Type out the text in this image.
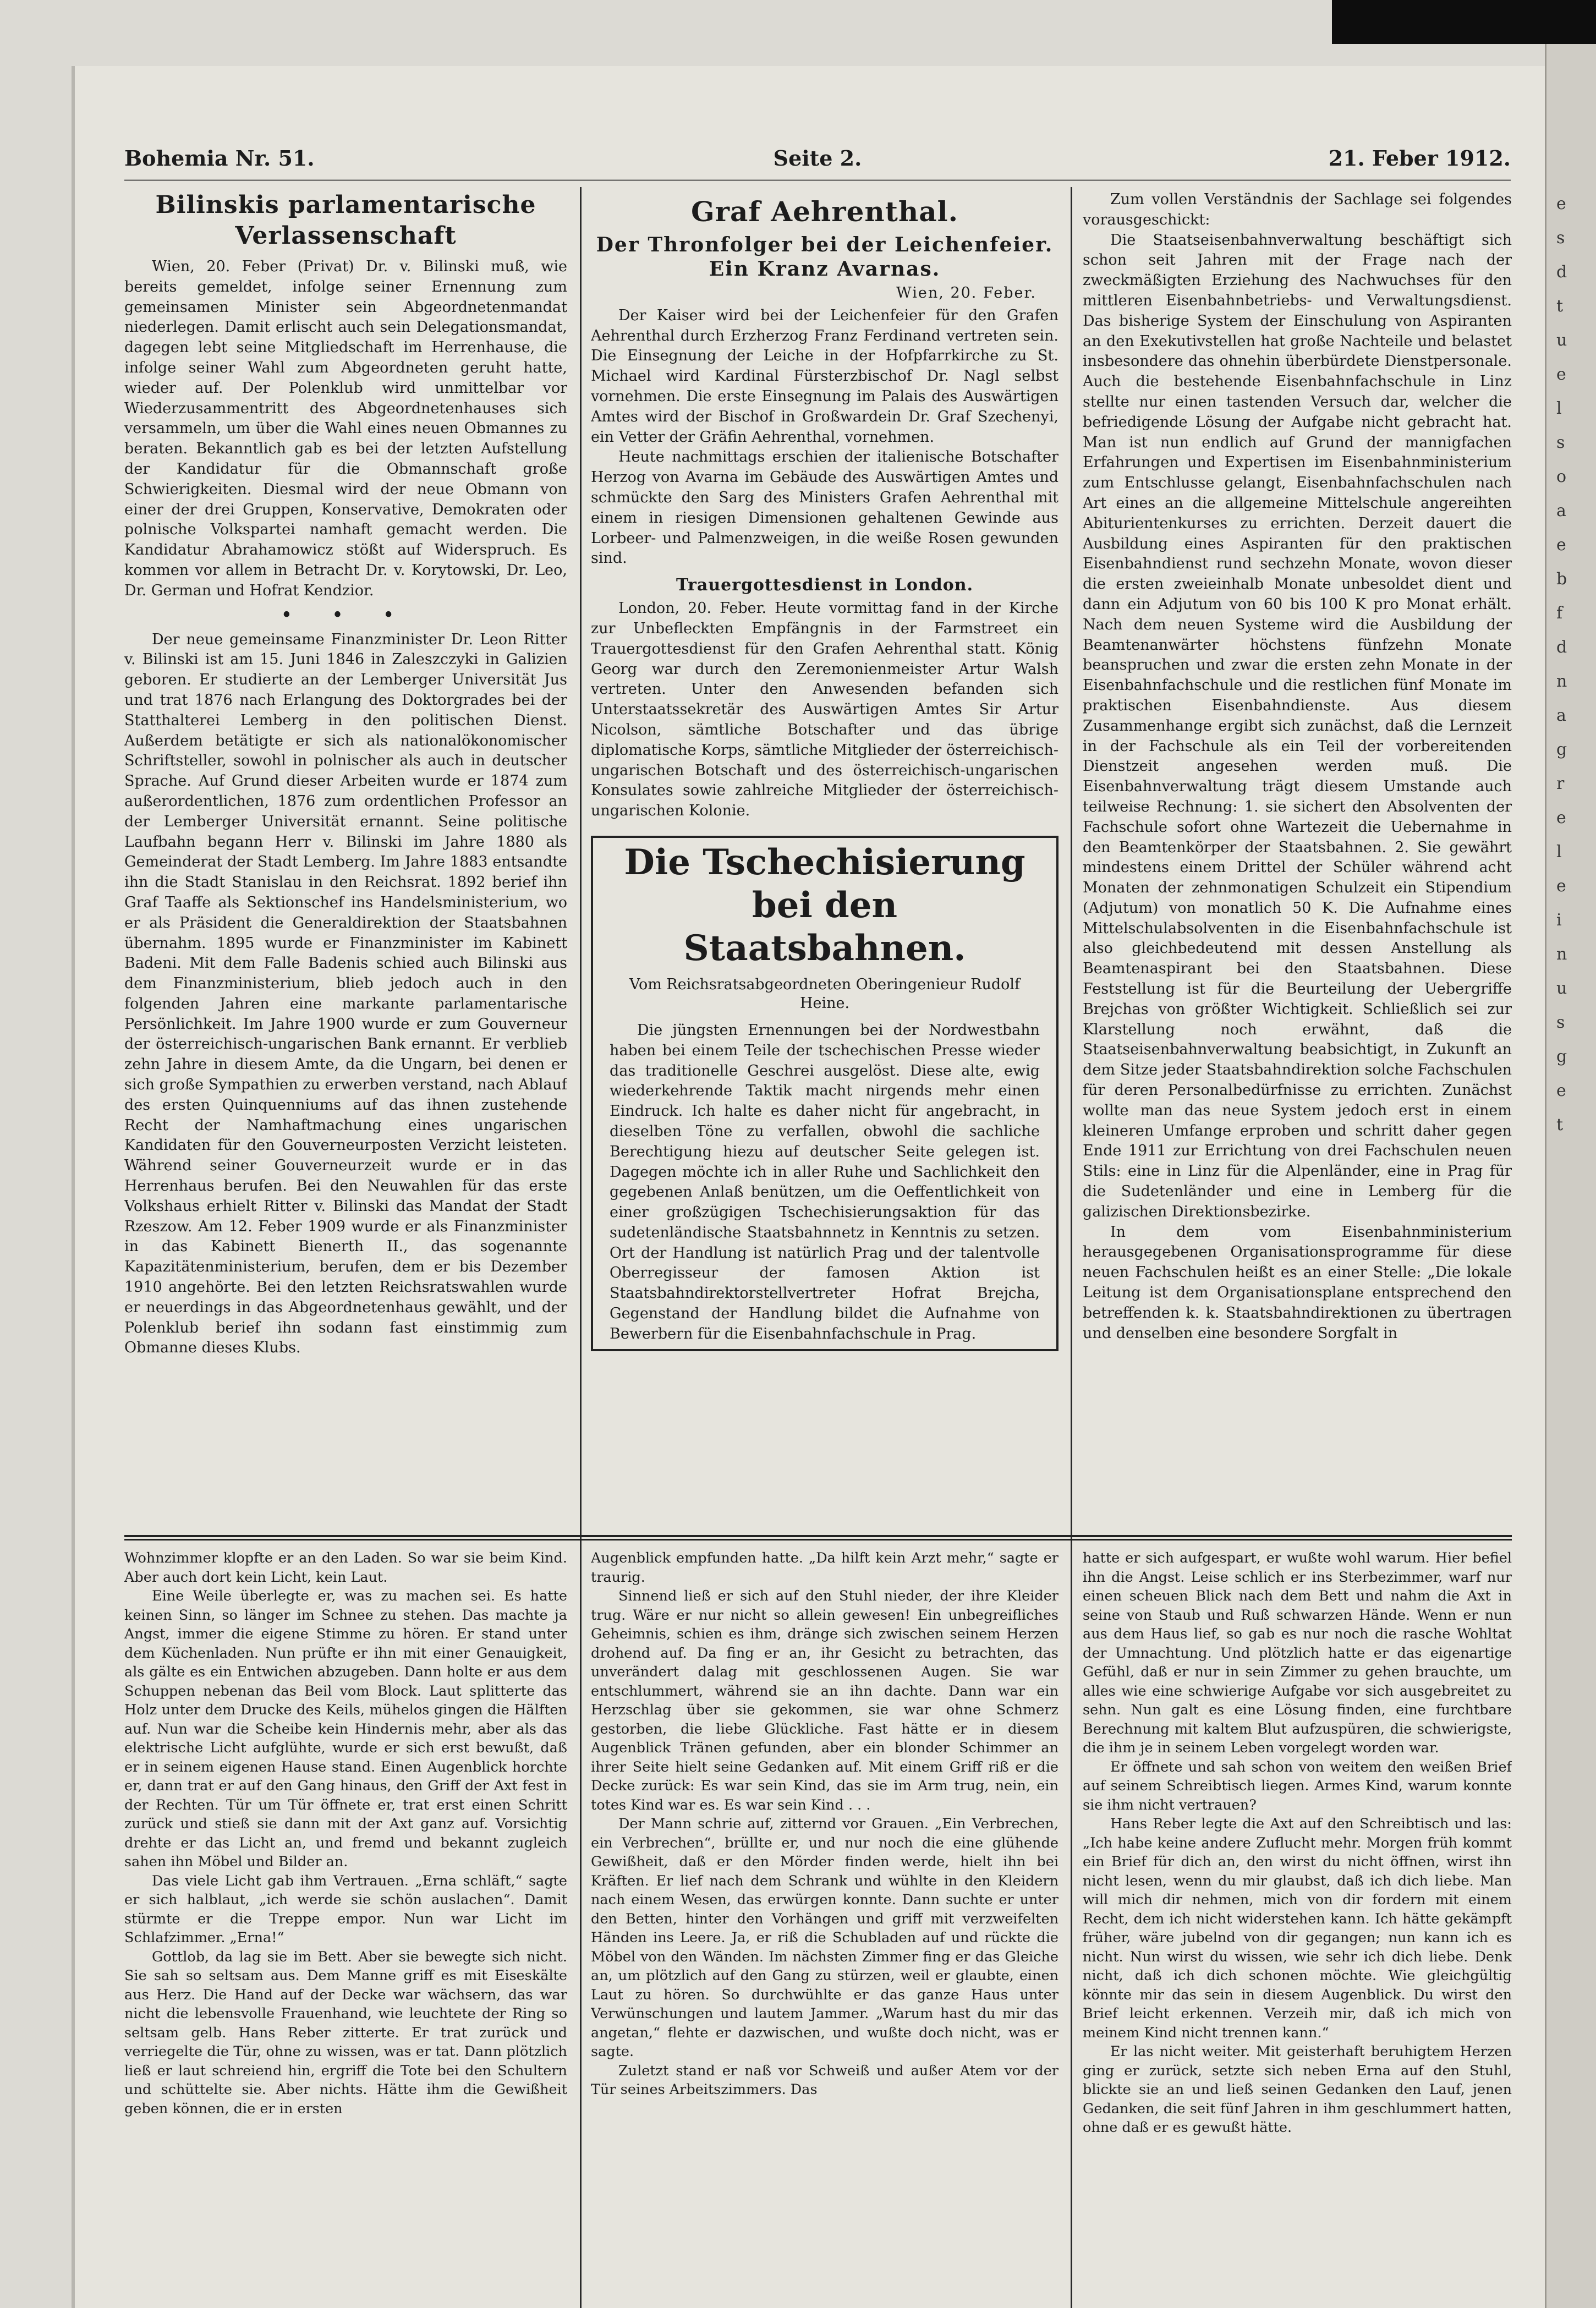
Bohemia Nr. 51.	Seite 2.	21. Feber 1912.
Bilinskis parlamentarische Verlassenschaft

Wien, 20. Feber (Privat) Dr. v. Bilinski muß, wie bereits gemeldet, infolge seiner Ernennung zum gemeinsamen Minister sein Abgeordnetenmandat niederlegen. Damit erlischt auch sein Delegationsmandat, dagegen lebt seine Mitgliedschaft im Herrenhause, die infolge seiner Wahl zum Abgeordneten geruht hatte, wieder auf. Der Polenklub wird unmittelbar vor Wiederzusammentritt des Abgeordnetenhauses sich versammeln, um über die Wahl eines neuen Obmannes zu beraten. Bekanntlich gab es bei der letzten Aufstellung der Kandidatur für die Obmannschaft große Schwierigkeiten. Diesmal wird der neue Obmann von einer der drei Gruppen, Konservative, Demokraten oder polnische Volkspartei namhaft gemacht werden. Die Kandidatur Abrahamowicz stößt auf Widerspruch. Es kommen vor allem in Betracht Dr. v. Korytowski, Dr. Leo, Dr. German und Hofrat Kendzior.

• • •

Der neue gemeinsame Finanzminister Dr. Leon Ritter v. Bilinski ist am 15. Juni 1846 in Zaleszczyki in Galizien geboren. Er studierte an der Lemberger Universität Jus und trat 1876 nach Erlangung des Doktorgrades bei der Statthalterei Lemberg in den politischen Dienst. Außerdem betätigte er sich als nationalökonomischer Schriftsteller, sowohl in polnischer als auch in deutscher Sprache. Auf Grund dieser Arbeiten wurde er 1874 zum außerordentlichen, 1876 zum ordentlichen Professor an der Lemberger Universität ernannt. Seine politische Laufbahn begann Herr v. Bilinski im Jahre 1880 als Gemeinderat der Stadt Lemberg. Im Jahre 1883 entsandte ihn die Stadt Stanislau in den Reichsrat. 1892 berief ihn Graf Taaffe als Sektionschef ins Handelsministerium, wo er als Präsident die Generaldirektion der Staatsbahnen übernahm. 1895 wurde er Finanzminister im Kabinett Badeni. Mit dem Falle Badenis schied auch Bilinski aus dem Finanzministerium, blieb jedoch auch in den folgenden Jahren eine markante parlamentarische Persönlichkeit. Im Jahre 1900 wurde er zum Gouverneur der österreichisch-ungarischen Bank ernannt. Er verblieb zehn Jahre in diesem Amte, da die Ungarn, bei denen er sich große Sympathien zu erwerben verstand, nach Ablauf des ersten Quinquenniums auf das ihnen zustehende Recht der Namhaftmachung eines ungarischen Kandidaten für den Gouverneurposten Verzicht leisteten. Während seiner Gouverneurzeit wurde er in das Herrenhaus berufen. Bei den Neuwahlen für das erste Volkshaus erhielt Ritter v. Bilinski das Mandat der Stadt Rzeszow. Am 12. Feber 1909 wurde er als Finanzminister in das Kabinett Bienerth II., das sogenannte Kapazitätenministerium, berufen, dem er bis Dezember 1910 angehörte. Bei den letzten Reichsratswahlen wurde er neuerdings in das Abgeordnetenhaus gewählt, und der Polenklub berief ihn sodann fast einstimmig zum Obmanne dieses Klubs.

Graf Aehrenthal.
Der Thronfolger bei der Leichenfeier. Ein Kranz Avarnas.
Wien, 20. Feber.

Der Kaiser wird bei der Leichenfeier für den Grafen Aehrenthal durch Erzherzog Franz Ferdinand vertreten sein. Die Einsegnung der Leiche in der Hofpfarrkirche zu St. Michael wird Kardinal Fürsterzbischof Dr. Nagl selbst vornehmen. Die erste Einsegnung im Palais des Auswärtigen Amtes wird der Bischof in Großwardein Dr. Graf Szechenyi, ein Vetter der Gräfin Aehrenthal, vornehmen.

Heute nachmittags erschien der italienische Botschafter Herzog von Avarna im Gebäude des Auswärtigen Amtes und schmückte den Sarg des Ministers Grafen Aehrenthal mit einem in riesigen Dimensionen gehaltenen Gewinde aus Lorbeer- und Palmenzweigen, in die weiße Rosen gewunden sind.

Trauergottesdienst in London.

London, 20. Feber. Heute vormittag fand in der Kirche zur Unbefleckten Empfängnis in der Farmstreet ein Trauergottesdienst für den Grafen Aehrenthal statt. König Georg war durch den Zeremonienmeister Artur Walsh vertreten. Unter den Anwesenden befanden sich Unterstaatssekretär des Auswärtigen Amtes Sir Artur Nicolson, sämtliche Botschafter und das übrige diplomatische Korps, sämtliche Mitglieder der österreichisch-ungarischen Botschaft und des österreichisch-ungarischen Konsulates sowie zahlreiche Mitglieder der österreichisch-ungarischen Kolonie.

Die Tschechisierung bei den Staatsbahnen.
Vom Reichsratsabgeordneten Oberingenieur Rudolf Heine.

Die jüngsten Ernennungen bei der Nordwestbahn haben bei einem Teile der tschechischen Presse wieder das traditionelle Geschrei ausgelöst. Diese alte, ewig wiederkehrende Taktik macht nirgends mehr einen Eindruck. Ich halte es daher nicht für angebracht, in dieselben Töne zu verfallen, obwohl die sachliche Berechtigung hiezu auf deutscher Seite gelegen ist. Dagegen möchte ich in aller Ruhe und Sachlichkeit den gegebenen Anlaß benützen, um die Oeffentlichkeit von einer großzügigen Tschechisierungsaktion für das sudetenländische Staatsbahnnetz in Kenntnis zu setzen. Ort der Handlung ist natürlich Prag und der talentvolle Oberregisseur der famosen Aktion ist Staatsbahndirektorstellvertreter Hofrat Brejcha, Gegenstand der Handlung bildet die Aufnahme von Bewerbern für die Eisenbahnfachschule in Prag.

Zum vollen Verständnis der Sachlage sei folgendes vorausgeschickt:

Die Staatseisenbahnverwaltung beschäftigt sich schon seit Jahren mit der Frage nach der zweckmäßigten Erziehung des Nachwuchses für den mittleren Eisenbahnbetriebs- und Verwaltungsdienst. Das bisherige System der Einschulung von Aspiranten an den Exekutivstellen hat große Nachteile und belastet insbesondere das ohnehin überbürdete Dienstpersonale. Auch die bestehende Eisenbahnfachschule in Linz stellte nur einen tastenden Versuch dar, welcher die befriedigende Lösung der Aufgabe nicht gebracht hat. Man ist nun endlich auf Grund der mannigfachen Erfahrungen und Expertisen im Eisenbahnministerium zum Entschlusse gelangt, Eisenbahnfachschulen nach Art eines an die allgemeine Mittelschule angereihten Abiturientenkurses zu errichten. Derzeit dauert die Ausbildung eines Aspiranten für den praktischen Eisenbahndienst rund sechzehn Monate, wovon dieser die ersten zweieinhalb Monate unbesoldet dient und dann ein Adjutum von 60 bis 100 K pro Monat erhält. Nach dem neuen Systeme wird die Ausbildung der Beamtenanwärter höchstens fünfzehn Monate beanspruchen und zwar die ersten zehn Monate in der Eisenbahnfachschule und die restlichen fünf Monate im praktischen Eisenbahndienste. Aus diesem Zusammenhange ergibt sich zunächst, daß die Lernzeit in der Fachschule als ein Teil der vorbereitenden Dienstzeit angesehen werden muß. Die Eisenbahnverwaltung trägt diesem Umstande auch teilweise Rechnung: 1. sie sichert den Absolventen der Fachschule sofort ohne Wartezeit die Uebernahme in den Beamtenkörper der Staatsbahnen. 2. Sie gewährt mindestens einem Drittel der Schüler während acht Monaten der zehnmonatigen Schulzeit ein Stipendium (Adjutum) von monatlich 50 K. Die Aufnahme eines Mittelschulabsolventen in die Eisenbahnfachschule ist also gleichbedeutend mit dessen Anstellung als Beamtenaspirant bei den Staatsbahnen. Diese Feststellung ist für die Beurteilung der Uebergriffe Brejchas von größter Wichtigkeit. Schließlich sei zur Klarstellung noch erwähnt, daß die Staatseisenbahnverwaltung beabsichtigt, in Zukunft an dem Sitze jeder Staatsbahndirektion solche Fachschulen für deren Personalbedürfnisse zu errichten. Zunächst wollte man das neue System jedoch erst in einem kleineren Umfange erproben und schritt daher gegen Ende 1911 zur Errichtung von drei Fachschulen neuen Stils: eine in Linz für die Alpenländer, eine in Prag für die Sudetenländer und eine in Lemberg für die galizischen Direktionsbezirke.

In dem vom Eisenbahnministerium herausgegebenen Organisationsprogramme für diese neuen Fachschulen heißt es an einer Stelle: „Die lokale Leitung ist dem Organisationsplane entsprechend den betreffenden k. k. Staatsbahndirektionen zu übertragen und denselben eine besondere Sorgfalt in

Wohnzimmer klopfte er an den Laden. So war sie beim Kind. Aber auch dort kein Licht, kein Laut.

Eine Weile überlegte er, was zu machen sei. Es hatte keinen Sinn, so länger im Schnee zu stehen. Das machte ja Angst, immer die eigene Stimme zu hören. Er stand unter dem Küchenladen. Nun prüfte er ihn mit einer Genauigkeit, als gälte es ein Entwichen abzugeben. Dann holte er aus dem Schuppen nebenan das Beil vom Block. Laut splitterte das Holz unter dem Drucke des Keils, mühelos gingen die Hälften auf. Nun war die Scheibe kein Hindernis mehr, aber als das elektrische Licht aufglühte, wurde er sich erst bewußt, daß er in seinem eigenen Hause stand. Einen Augenblick horchte er, dann trat er auf den Gang hinaus, den Griff der Axt fest in der Rechten. Tür um Tür öffnete er, trat erst einen Schritt zurück und stieß sie dann mit der Axt ganz auf. Vorsichtig drehte er das Licht an, und fremd und bekannt zugleich sahen ihn Möbel und Bilder an.

Das viele Licht gab ihm Vertrauen. „Erna schläft,“ sagte er sich halblaut, „ich werde sie schön auslachen“. Damit stürmte er die Treppe empor. Nun war Licht im Schlafzimmer. „Erna!“

Gottlob, da lag sie im Bett. Aber sie bewegte sich nicht. Sie sah so seltsam aus. Dem Manne griff es mit Eiseskälte aus Herz. Die Hand auf der Decke war wächsern, das war nicht die lebensvolle Frauenhand, wie leuchtete der Ring so seltsam gelb. Hans Reber zitterte. Er trat zurück und verriegelte die Tür, ohne zu wissen, was er tat. Dann plötzlich ließ er laut schreiend hin, ergriff die Tote bei den Schultern und schüttelte sie. Aber nichts. Hätte ihm die Gewißheit geben können, die er in ersten

Augenblick empfunden hatte. „Da hilft kein Arzt mehr,“ sagte er traurig.

Sinnend ließ er sich auf den Stuhl nieder, der ihre Kleider trug. Wäre er nur nicht so allein gewesen! Ein unbegreifliches Geheimnis, schien es ihm, dränge sich zwischen seinem Herzen drohend auf. Da fing er an, ihr Gesicht zu betrachten, das unverändert dalag mit geschlossenen Augen. Sie war entschlummert, während sie an ihn dachte. Dann war ein Herzschlag über sie gekommen, sie war ohne Schmerz gestorben, die liebe Glückliche. Fast hätte er in diesem Augenblick Tränen gefunden, aber ein blonder Schimmer an ihrer Seite hielt seine Gedanken auf. Mit einem Griff riß er die Decke zurück: Es war sein Kind, das sie im Arm trug, nein, ein totes Kind war es. Es war sein Kind . . .

Der Mann schrie auf, zitternd vor Grauen. „Ein Verbrechen, ein Verbrechen“, brüllte er, und nur noch die eine glühende Gewißheit, daß er den Mörder finden werde, hielt ihn bei Kräften. Er lief nach dem Schrank und wühlte in den Kleidern nach einem Wesen, das erwürgen konnte. Dann suchte er unter den Betten, hinter den Vorhängen und griff mit verzweifelten Händen ins Leere. Ja, er riß die Schubladen auf und rückte die Möbel von den Wänden. Im nächsten Zimmer fing er das Gleiche an, um plötzlich auf den Gang zu stürzen, weil er glaubte, einen Laut zu hören. So durchwühlte er das ganze Haus unter Verwünschungen und lautem Jammer. „Warum hast du mir das angetan,“ flehte er dazwischen, und wußte doch nicht, was er sagte.

Zuletzt stand er naß vor Schweiß und außer Atem vor der Tür seines Arbeitszimmers. Das

hatte er sich aufgespart, er wußte wohl warum. Hier befiel ihn die Angst. Leise schlich er ins Sterbezimmer, warf nur einen scheuen Blick nach dem Bett und nahm die Axt in seine von Staub und Ruß schwarzen Hände. Wenn er nun aus dem Haus lief, so gab es nur noch die rasche Wohltat der Umnachtung. Und plötzlich hatte er das eigenartige Gefühl, daß er nur in sein Zimmer zu gehen brauchte, um alles wie eine schwierige Aufgabe vor sich ausgebreitet zu sehn. Nun galt es eine Lösung finden, eine furchtbare Berechnung mit kaltem Blut aufzuspüren, die schwierigste, die ihm je in seinem Leben vorgelegt worden war.

Er öffnete und sah schon von weitem den weißen Brief auf seinem Schreibtisch liegen. Armes Kind, warum konnte sie ihm nicht vertrauen?

Hans Reber legte die Axt auf den Schreibtisch und las: „Ich habe keine andere Zuflucht mehr. Morgen früh kommt ein Brief für dich an, den wirst du nicht öffnen, wirst ihn nicht lesen, wenn du mir glaubst, daß ich dich liebe. Man will mich dir nehmen, mich von dir fordern mit einem Recht, dem ich nicht widerstehen kann. Ich hätte gekämpft früher, wäre jubelnd von dir gegangen; nun kann ich es nicht. Nun wirst du wissen, wie sehr ich dich liebe. Denk nicht, daß ich dich schonen möchte. Wie gleichgültig könnte mir das sein in diesem Augenblick. Du wirst den Brief leicht erkennen. Verzeih mir, daß ich mich von meinem Kind nicht trennen kann.“

Er las nicht weiter. Mit geisterhaft beruhigtem Herzen ging er zurück, setzte sich neben Erna auf den Stuhl, blickte sie an und ließ seinen Gedanken den Lauf, jenen Gedanken, die seit fünf Jahren in ihm geschlummert hatten, ohne daß er es gewußt hätte.

e
s
d
t
u
e
l
s
o
a
e
b
f
d
n
a
g
r
e
l
e
i
n
u
s
g
e
t
